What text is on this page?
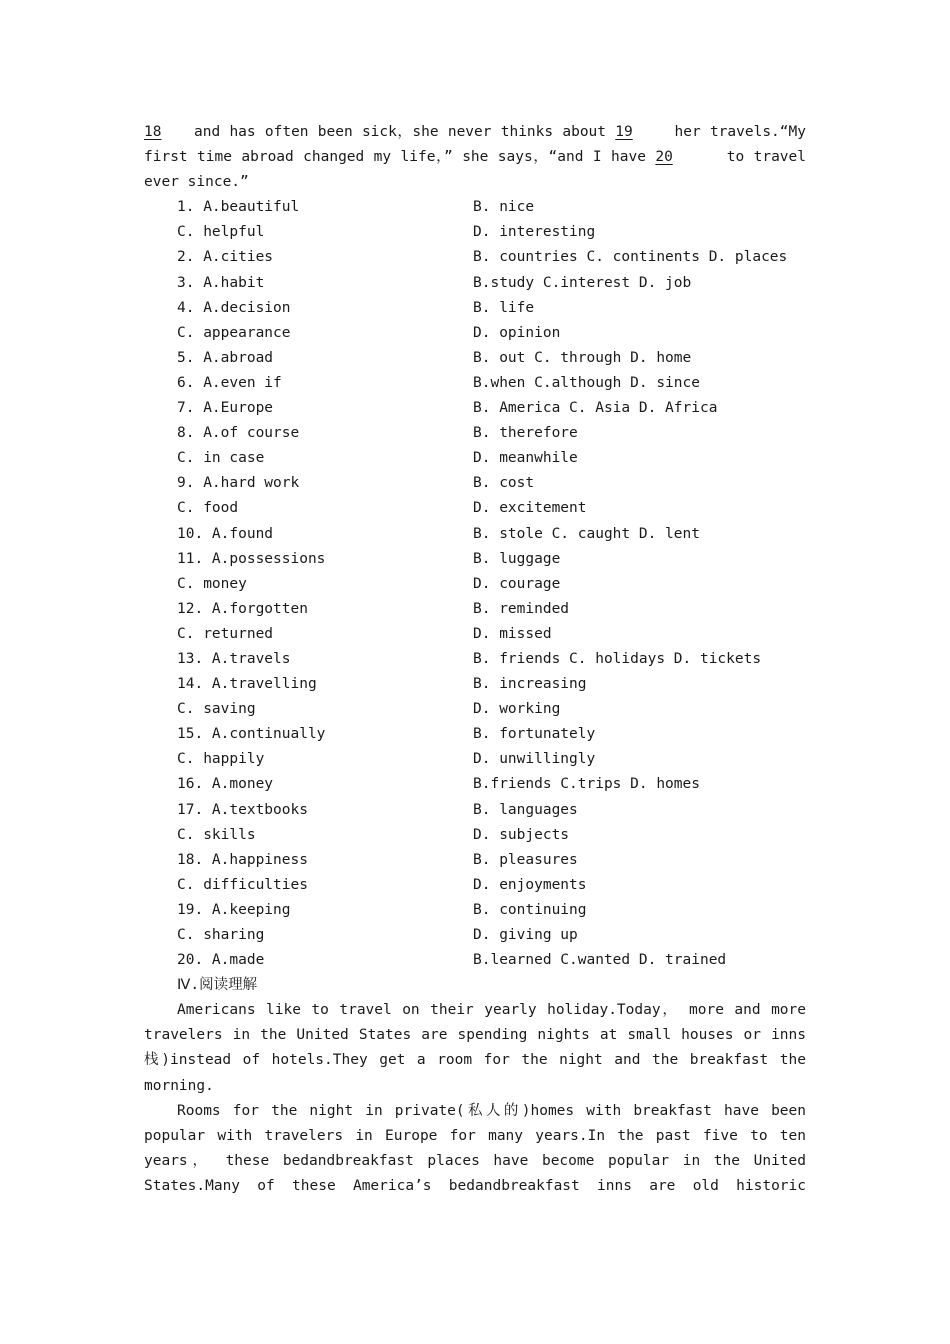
18 and has often been sick，she never thinks about 19	her travels.“My
first time abroad changed my life，” she says，“and I have 20	to travel
ever since.”
1. A.beautiful	B. nice
C. helpful	D. interesting
2. A.cities	B. countries C. continents D. places
3. A.habit	B.study C.interest D. job
4. A.decision	B. life
C. appearance	D. opinion
5. A.abroad	B. out C. through D. home
6. A.even if	B.when C.although D. since
7. A.Europe	B. America C. Asia D. Africa
8. A.of course	B. therefore
C. in case	D. meanwhile
9. A.hard work	B. cost
C. food	D. excitement
10. A.found	B. stole C. caught D. lent
11. A.possessions	B. luggage
C. money	D. courage
12. A.forgotten	B. reminded
C. returned	D. missed
13. A.travels	B. friends C. holidays D. tickets
14. A.travelling	B. increasing
C. saving	D. working
15. A.continually	B. fortunately
C. happily	D. unwillingly
16. A.money	B.friends C.trips D. homes
17. A.textbooks	B. languages
C. skills	D. subjects
18. A.happiness	B. pleasures
C. difficulties	D. enjoyments
19. A.keeping	B. continuing
C. sharing	D. giving up
20. A.made	B.learned C.wanted D. trained
Ⅳ.阅读理解
Americans like to travel on their yearly holiday.Today， more and more
travelers in the United States are spending nights at small houses or inns
栈)instead of hotels.They get a room for the night and the breakfast the
morning.
Rooms for the night in private(私人的)homes with breakfast have been
popular with travelers in Europe for many years.In the past five to ten
years， these bedandbreakfast places have become popular in the United
States.Many of these America’s bedandbreakfast inns are old historic
